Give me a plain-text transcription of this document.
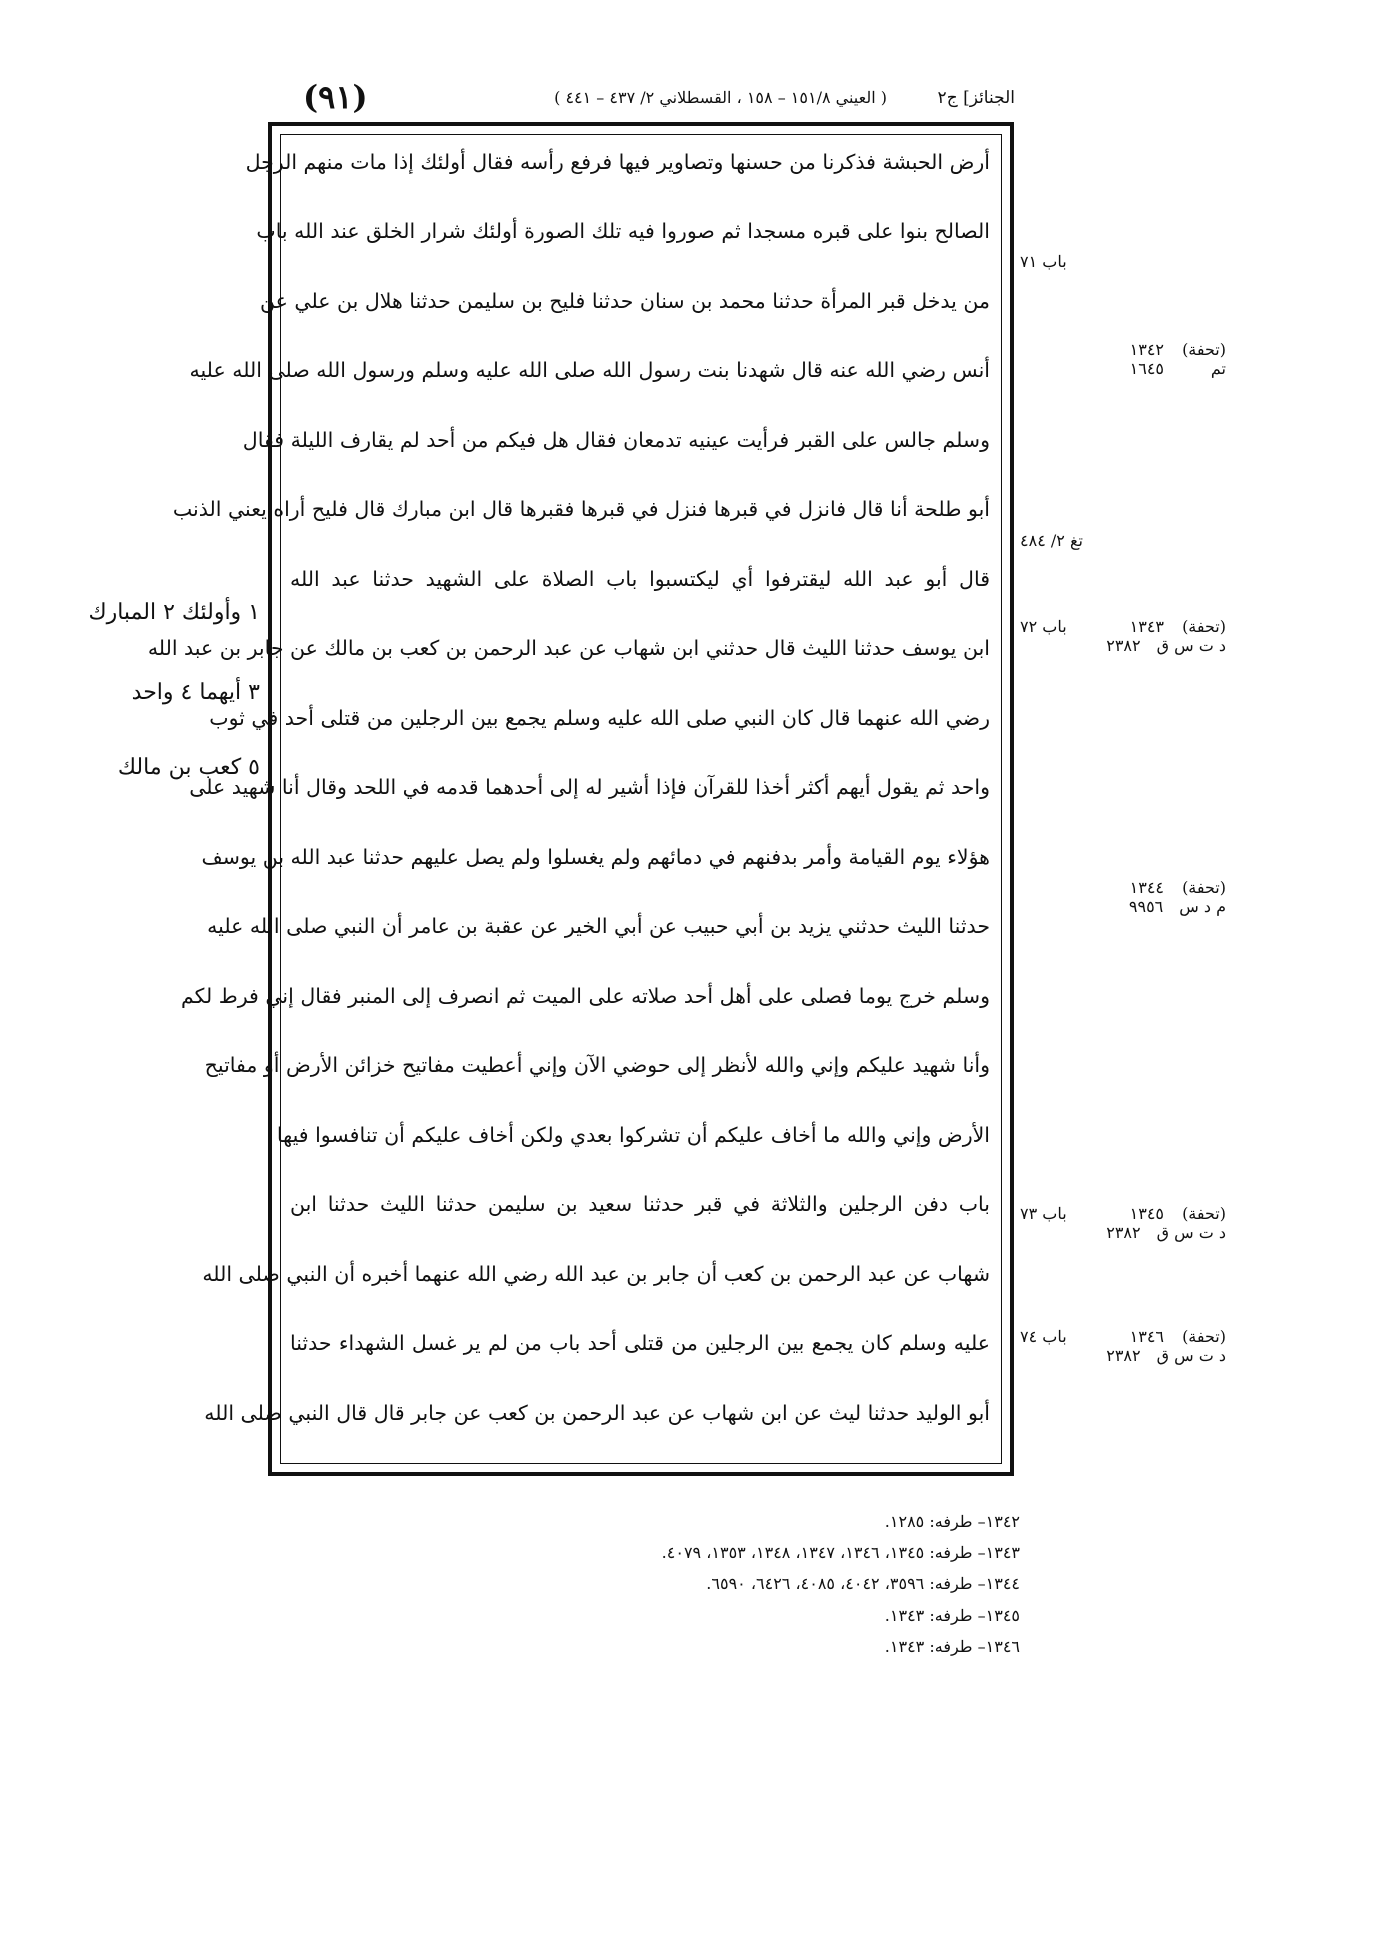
الجنائز] ج٢
( العيني ١٥١/٨ – ١٥٨ ، القسطلاني ٢/ ٤٣٧ – ٤٤١ )
(٩١)
أرض الحبشة فذكرنا من حسنها وتصاوير فيها فرفع رأسه فقال أولئك إذا مات منهم الرجل
الصالح بنوا على قبره مسجدا ثم صوروا فيه تلك الصورة أولئك شرار الخلق عند الله باب
من يدخل قبر المرأة حدثنا محمد بن سنان حدثنا فليح بن سليمن حدثنا هلال بن علي عن
أنس رضي الله عنه قال شهدنا بنت رسول الله صلى الله عليه وسلم ورسول الله صلى الله عليه
وسلم جالس على القبر فرأيت عينيه تدمعان فقال هل فيكم من أحد لم يقارف الليلة فقال
أبو طلحة أنا قال فانزل في قبرها فنزل في قبرها فقبرها قال ابن مبارك قال فليح أراه يعني الذنب
قال أبو عبد الله ليقترفوا أي ليكتسبوا باب الصلاة على الشهيد حدثنا عبد الله
ابن يوسف حدثنا الليث قال حدثني ابن شهاب عن عبد الرحمن بن كعب بن مالك عن جابر بن عبد الله
رضي الله عنهما قال كان النبي صلى الله عليه وسلم يجمع بين الرجلين من قتلى أحد في ثوب
واحد ثم يقول أيهم أكثر أخذا للقرآن فإذا أشير له إلى أحدهما قدمه في اللحد وقال أنا شهيد على
هؤلاء يوم القيامة وأمر بدفنهم في دمائهم ولم يغسلوا ولم يصل عليهم حدثنا عبد الله بن يوسف
حدثنا الليث حدثني يزيد بن أبي حبيب عن أبي الخير عن عقبة بن عامر أن النبي صلى الله عليه
وسلم خرج يوما فصلى على أهل أحد صلاته على الميت ثم انصرف إلى المنبر فقال إني فرط لكم
وأنا شهيد عليكم وإني والله لأنظر إلى حوضي الآن وإني أعطيت مفاتيح خزائن الأرض أو مفاتيح
الأرض وإني والله ما أخاف عليكم أن تشركوا بعدي ولكن أخاف عليكم أن تنافسوا فيها
باب دفن الرجلين والثلاثة في قبر حدثنا سعيد بن سليمن حدثنا الليث حدثنا ابن
شهاب عن عبد الرحمن بن كعب أن جابر بن عبد الله رضي الله عنهما أخبره أن النبي صلى الله
عليه وسلم كان يجمع بين الرجلين من قتلى أحد باب من لم ير غسل الشهداء حدثنا
أبو الوليد حدثنا ليث عن ابن شهاب عن عبد الرحمن بن كعب عن جابر قال قال النبي صلى الله
باب ٧١
تغ ٢/ ٤٨٤
باب ٧٢
باب ٧٣
باب ٧٤
(تحفة)
١٣٤٢
تم
١٦٤٥
(تحفة)
١٣٤٣
د ت س ق
٢٣٨٢
(تحفة)
١٣٤٤
م د س
٩٩٥٦
(تحفة)
١٣٤٥
د ت س ق
٢٣٨٢
(تحفة)
١٣٤٦
د ت س ق
٢٣٨٢
١ وأولئك ٢ المبارك
٣ أيهما ٤ واحد
٥ كعب بن مالك
١٣٤٢– طرفه: ١٢٨٥.
١٣٤٣– طرفه: ١٣٤٥، ١٣٤٦، ١٣٤٧، ١٣٤٨، ١٣٥٣، ٤٠٧٩.
١٣٤٤– طرفه: ٣٥٩٦، ٤٠٤٢، ٤٠٨٥، ٦٤٢٦، ٦٥٩٠.
١٣٤٥– طرفه: ١٣٤٣.
١٣٤٦– طرفه: ١٣٤٣.
